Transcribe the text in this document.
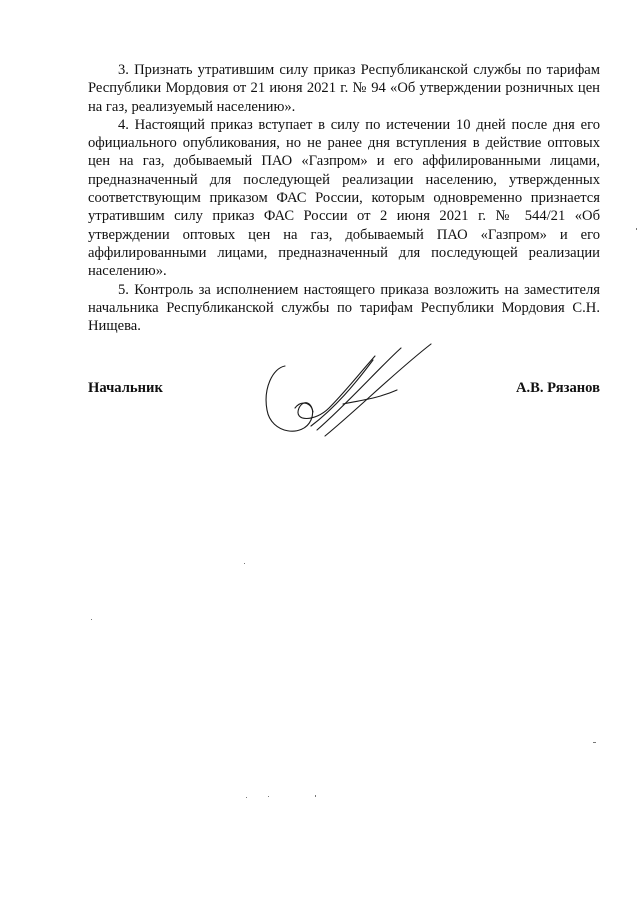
3. Признать утратившим силу приказ Республиканской службы по тарифам Республики Мордовия от 21 июня 2021 г. № 94 «Об утверждении розничных цен на газ, реализуемый населению».

4. Настоящий приказ вступает в силу по истечении 10 дней после дня его официального опубликования, но не ранее дня вступления в действие оптовых цен на газ, добываемый ПАО «Газпром» и его аффилированными лицами, предназначенный для последующей реализации населению, утвержденных соответствующим приказом ФАС России, которым одновременно признается утратившим силу приказ ФАС России от 2 июня 2021 г. № 544/21 «Об утверждении оптовых цен на газ, добываемый ПАО «Газпром» и его аффилированными лицами, предназначенный для последующей реализации населению».

5. Контроль за исполнением настоящего приказа возложить на заместителя начальника Республиканской службы по тарифам Республики Мордовия С.Н. Нищева.

Начальник	А.В. Рязанов
